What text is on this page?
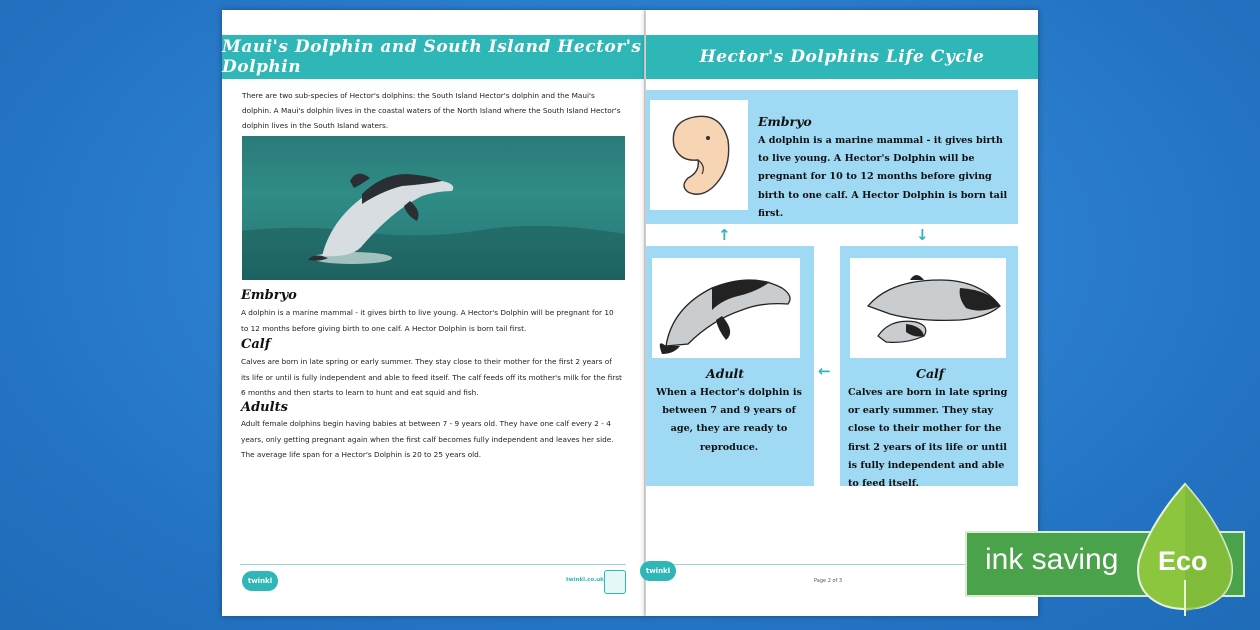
Maui's Dolphin and South Island Hector's Dolphin
There are two sub-species of Hector's dolphins: the South Island Hector's dolphin and the Maui's dolphin. A Maui's dolphin lives in the coastal waters of the North Island where the South Island Hector's dolphin lives in the South Island waters.
Embryo
A dolphin is a marine mammal - it gives birth to live young. A Hector's Dolphin will be pregnant for 10 to 12 months before giving birth to one calf. A Hector Dolphin is born tail first.
Calf
Calves are born in late spring or early summer. They stay close to their mother for the first 2 years of its life or until is fully independent and able to feed itself. The calf feeds off its mother's milk for the first 6 months and then starts to learn to hunt and eat squid and fish.
Adults
Adult female dolphins begin having babies at between 7 - 9 years old. They have one calf every 2 - 4 years, only getting pregnant again when the first calf becomes fully independent and leaves her side. The average life span for a Hector's Dolphin is 20 to 25 years old.
twinkl	twinkl.co.uk
Hector's Dolphins Life Cycle
Embryo
A dolphin is a marine mammal - it gives birth to live young. A Hector's Dolphin will be pregnant for 10 to 12 months before giving birth to one calf. A Hector Dolphin is born tail first.
↑	↓
Adult
When a Hector's dolphin is between 7 and 9 years of age, they are ready to reproduce.
←	Calf
Calves are born in late spring or early summer. They stay close to their mother for the first 2 years of its life or until is fully independent and able to feed itself.
Page 2 of 3
twinkl	ink saving Eco
